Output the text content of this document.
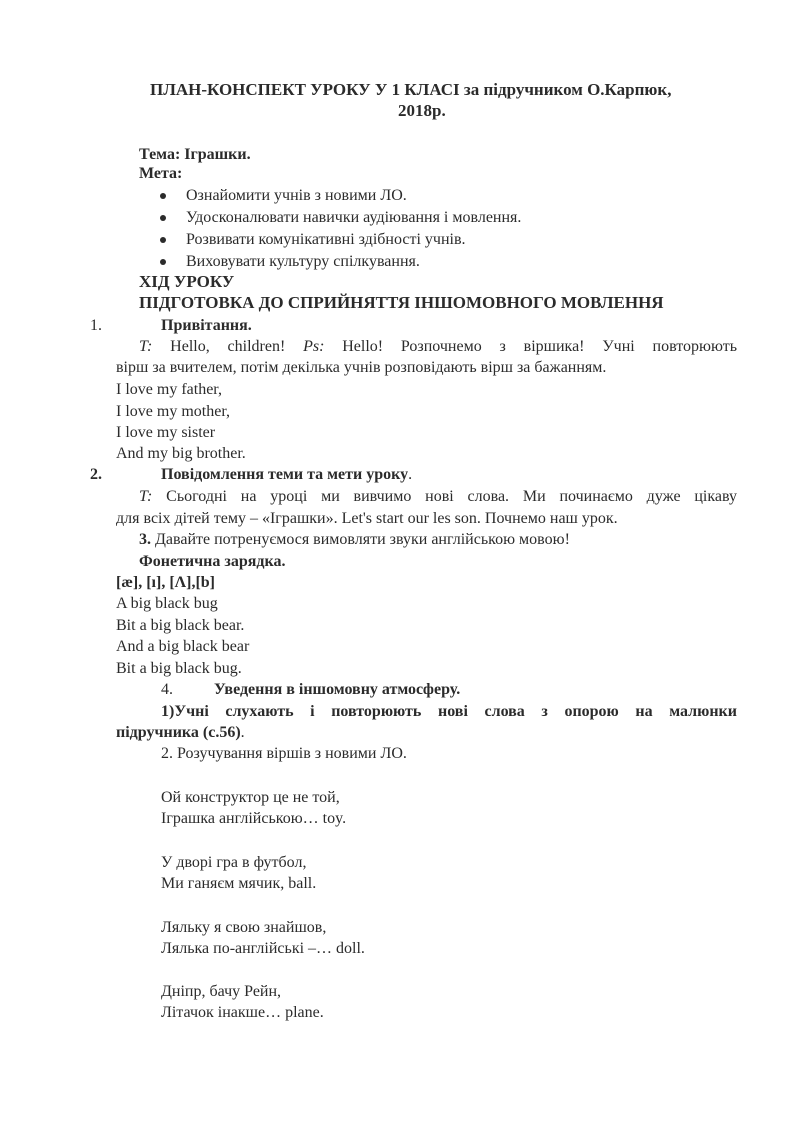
ПЛАН-КОНСПЕКТ УРОКУ У 1 КЛАСІ за підручником О.Карпюк,
2018р.
Тема: Іграшки.
Мета:
Ознайомити учнів з новими ЛО.
Удосконалювати навички аудіювання і мовлення.
Розвивати комунікативні здібності учнів.
Виховувати культуру спілкування.
ХІД УРОКУ
ПІДГОТОВКА ДО СПРИЙНЯТТЯ ІНШОМОВНОГО МОВЛЕННЯ
1.	Привітання.
T: Hello, children! Ps: Hello! Розпочнемо з віршика! Учні повторюють
вірш за вчителем, потім декілька учнів розповідають вірш за бажанням.
I love my father,
I love my mother,
I love my sister
And my big brother.
2.	Повідомлення теми та мети уроку.
T: Сьогодні на уроці ми вивчимо нові слова. Ми починаємо дуже цікаву
для всіх дітей тему – «Іграшки». Let's start our les son. Почнемо наш урок.
3. Давайте потренуємося вимовляти звуки англійською мовою!
Фонетична зарядка.
[æ], [ı], [Λ],[b]
A big black bug
Bit a big black bear.
And a big black bear
Bit a big black bug.
4.	Уведення в іншомовну атмосферу.
1)Учні слухають і повторюють нові слова з опорою на малюнки
підручника (с.56).
2. Розучування віршів з новими ЛО.
Ой конструктор це не той,
Іграшка англійською… toy.
У дворі гра в футбол,
Ми ганяєм мячик, ball.
Ляльку я свою знайшов,
Лялька по-англійські –… doll.
Дніпр, бачу Рейн,
Літачок інакше… plane.
